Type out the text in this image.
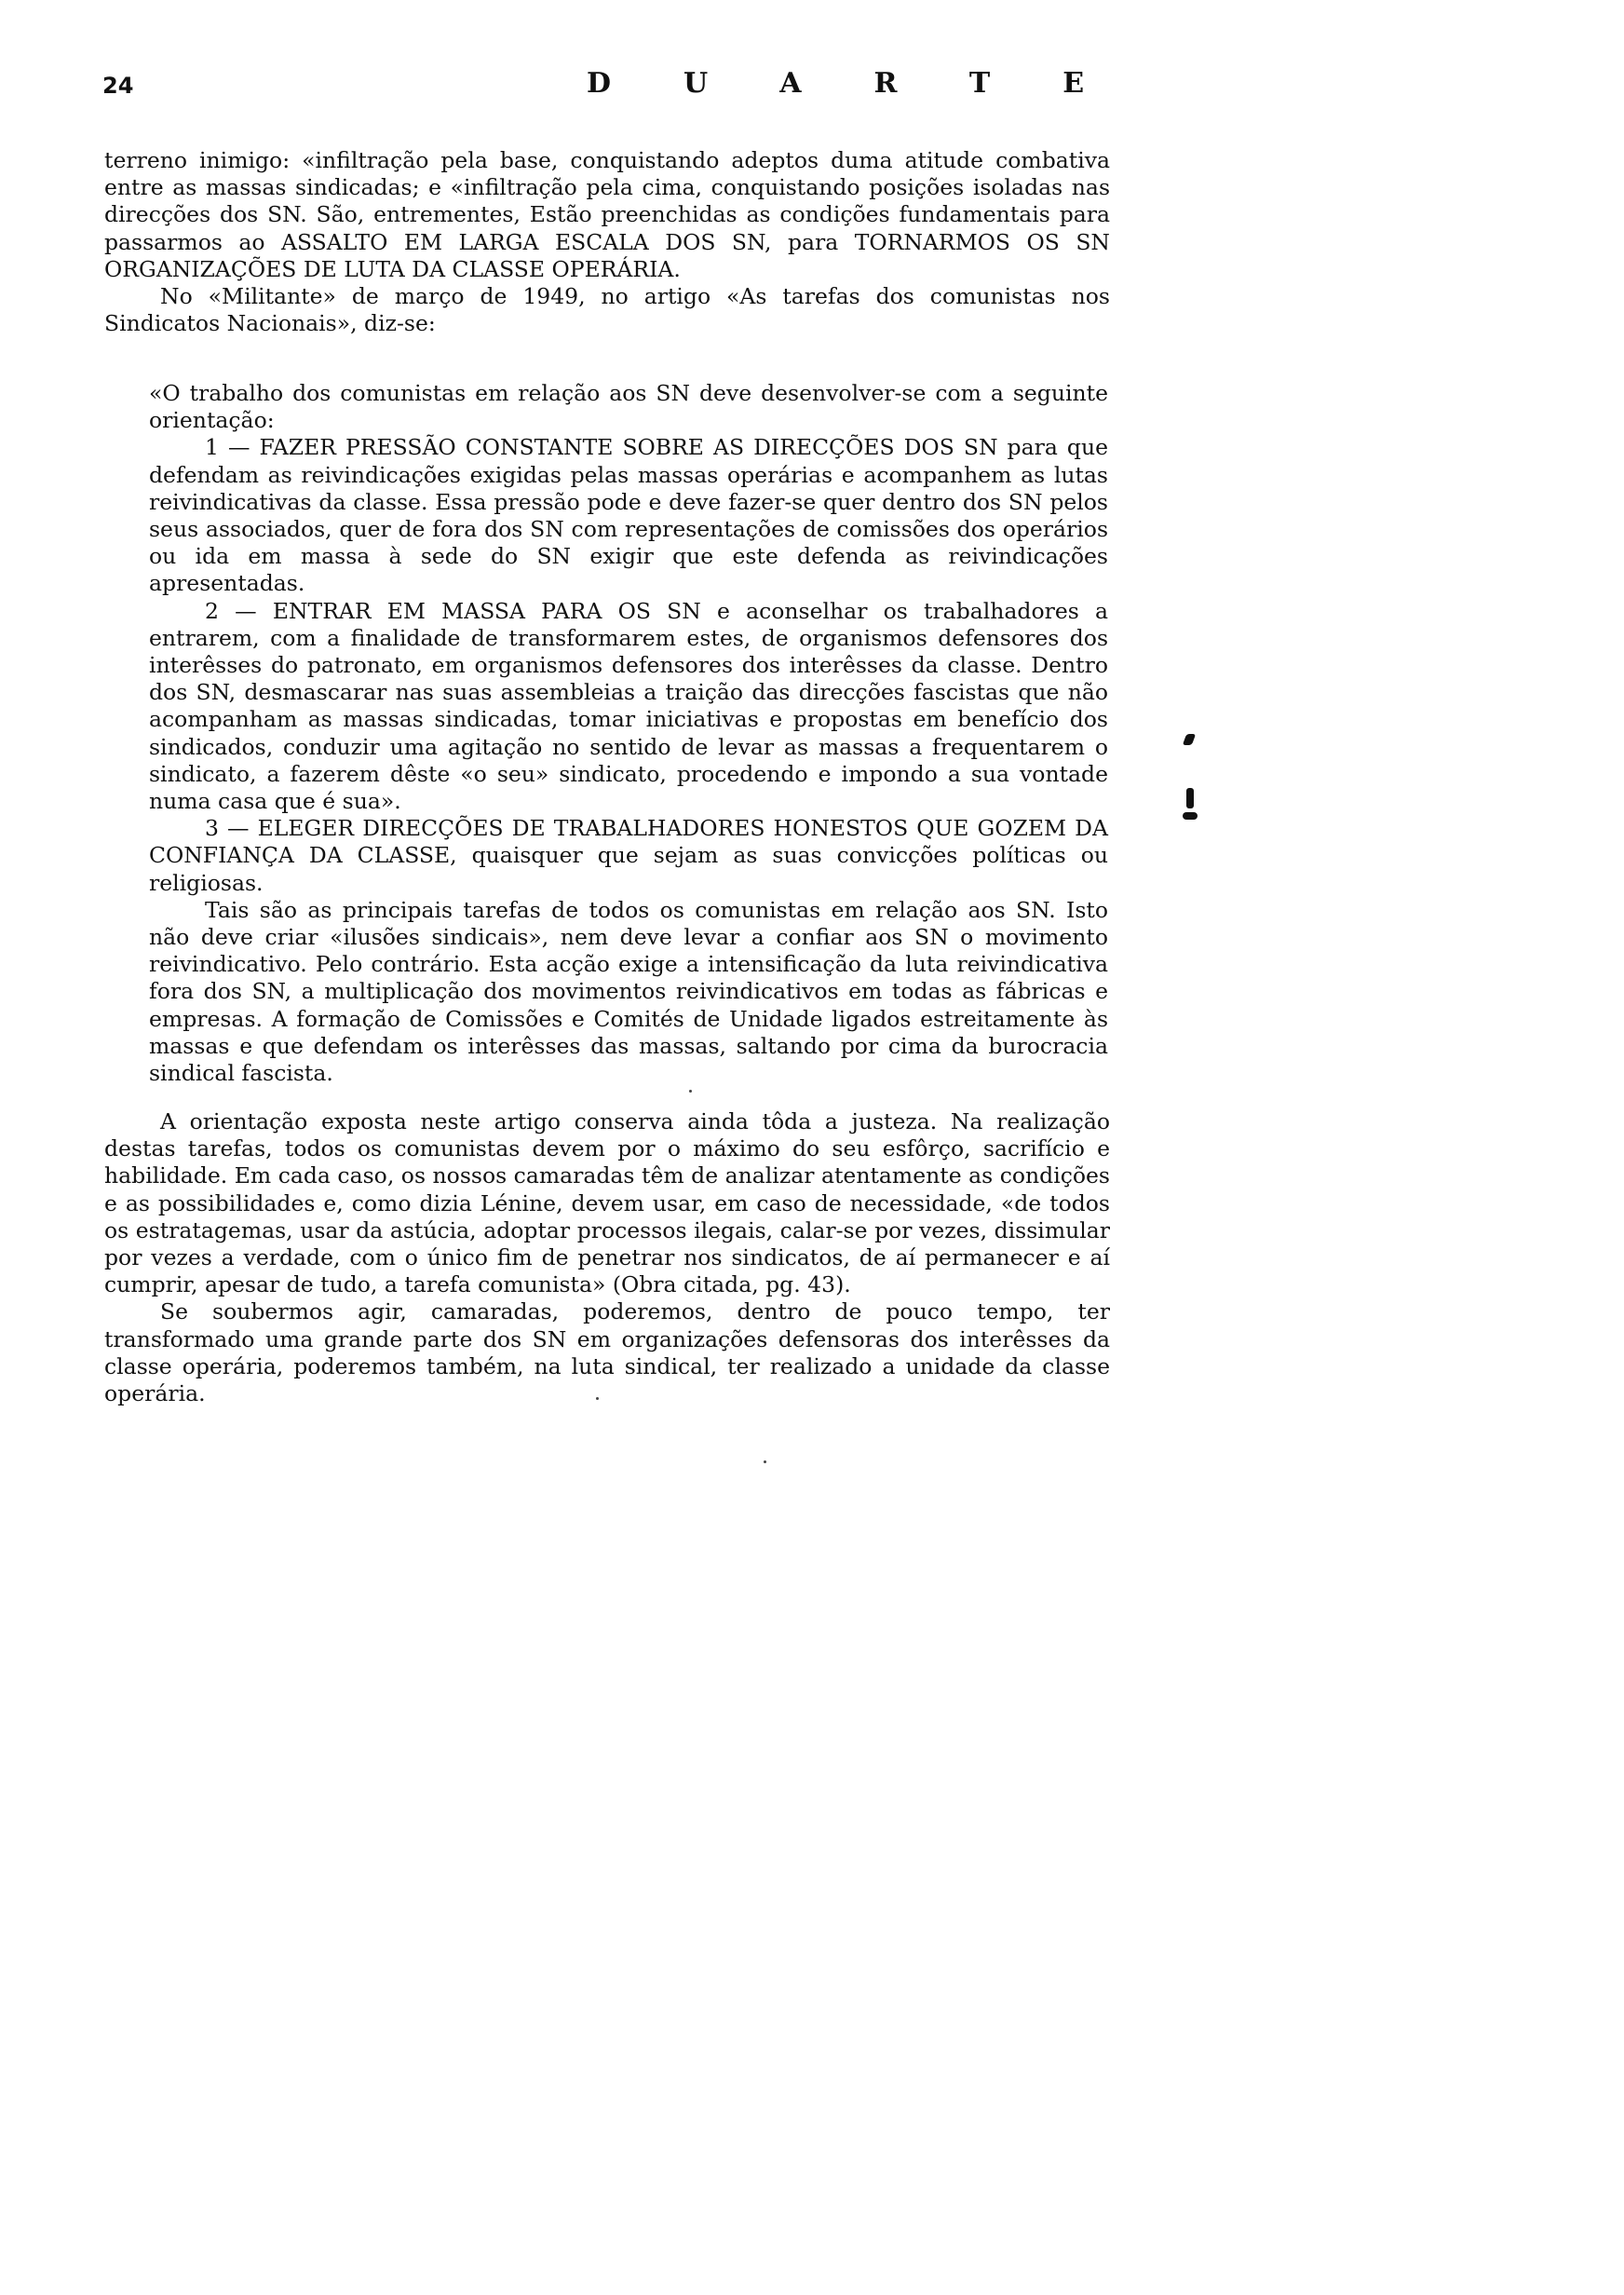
24	DUARTE

terreno inimigo: «infiltração pela base, conquistando adeptos duma atitude combativa entre as massas sindicadas; e «infiltração pela cima, conquistando posições isoladas nas direcções dos SN. São, entrementes, Estão preenchidas as condições fundamentais para passarmos ao ASSALTO EM LARGA ESCALA DOS SN, para TORNARMOS OS SN ORGANIZAÇÕES DE LUTA DA CLASSE OPERÁRIA.

No «Militante» de março de 1949, no artigo «As tarefas dos comunistas nos Sindicatos Nacionais», diz-se:

«O trabalho dos comunistas em relação aos SN deve desenvolver-se com a seguinte orientação:

1 — FAZER PRESSÃO CONSTANTE SOBRE AS DIRECÇÕES DOS SN para que defendam as reivindicações exigidas pelas massas operárias e acompanhem as lutas reivindicativas da classe. Essa pressão pode e deve fazer-se quer dentro dos SN pelos seus associados, quer de fora dos SN com representações de comissões dos operários ou ida em massa à sede do SN exigir que este defenda as reivindicações apresentadas.

2 — ENTRAR EM MASSA PARA OS SN e aconselhar os trabalhadores a entrarem, com a finalidade de transformarem estes, de organismos defensores dos interêsses do patronato, em organismos defensores dos interêsses da classe. Dentro dos SN, desmascarar nas suas assembleias a traição das direcções fascistas que não acompanham as massas sindicadas, tomar iniciativas e propostas em benefício dos sindicados, conduzir uma agitação no sentido de levar as massas a frequentarem o sindicato, a fazerem dêste «o seu» sindicato, procedendo e impondo a sua vontade numa casa que é sua».

3 — ELEGER DIRECÇÕES DE TRABALHADORES HONESTOS QUE GOZEM DA CONFIANÇA DA CLASSE, quaisquer que sejam as suas convicções políticas ou religiosas.

Tais são as principais tarefas de todos os comunistas em relação aos SN. Isto não deve criar «ilusões sindicais», nem deve levar a confiar aos SN o movimento reivindicativo. Pelo contrário. Esta acção exige a intensificação da luta reivindicativa fora dos SN, a multiplicação dos movimentos reivindicativos em todas as fábricas e empresas. A formação de Comissões e Comités de Unidade ligados estreitamente às massas e que defendam os interêsses das massas, saltando por cima da burocracia sindical fascista.

A orientação exposta neste artigo conserva ainda tôda a justeza. Na realização destas tarefas, todos os comunistas devem por o máximo do seu esfôrço, sacrifício e habilidade. Em cada caso, os nossos camaradas têm de analizar atentamente as condições e as possibilidades e, como dizia Lénine, devem usar, em caso de necessidade, «de todos os estratagemas, usar da astúcia, adoptar processos ilegais, calar-se por vezes, dissimular por vezes a verdade, com o único fim de penetrar nos sindicatos, de aí permanecer e aí cumprir, apesar de tudo, a tarefa comunista» (Obra citada, pg. 43).

Se soubermos agir, camaradas, poderemos, dentro de pouco tempo, ter transformado uma grande parte dos SN em organizações defensoras dos interêsses da classe operária, poderemos também, na luta sindical, ter realizado a unidade da classe operária.
